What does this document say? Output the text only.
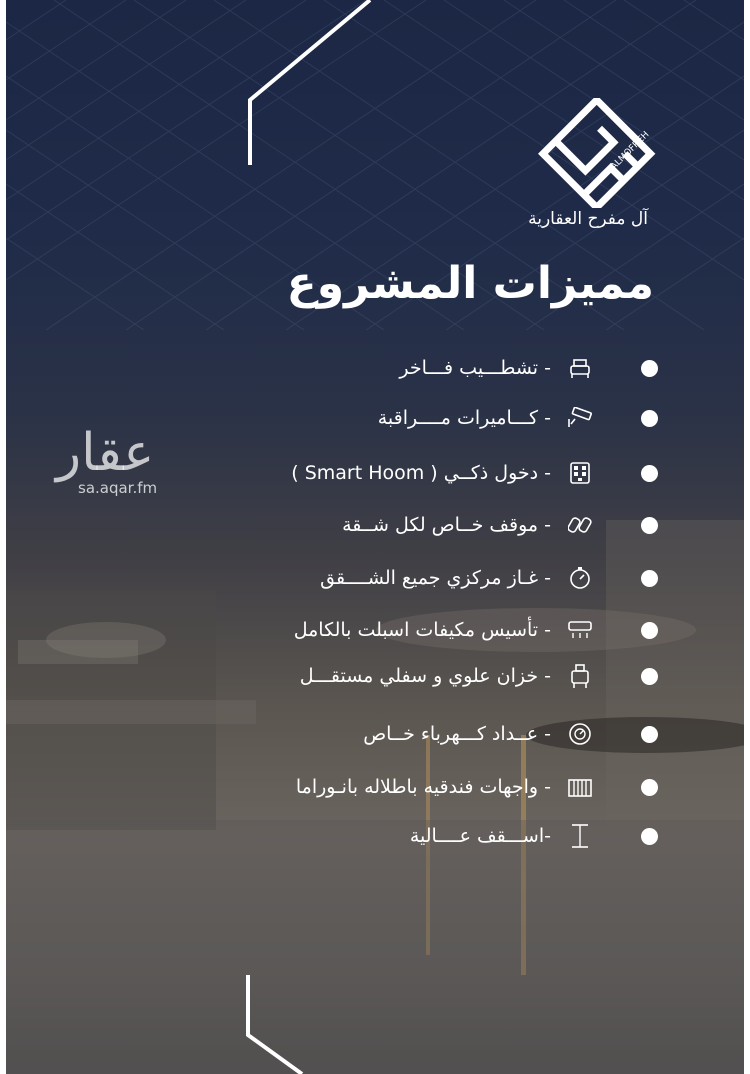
ALMOFREH
آل مفرح العقارية
مميزات المشروع
- تشطـــيب فـــاخر
- كـــاميرات مــــراقبة
- دخول ذكــي ( Smart Hoom )
- موقف خــاص لكل شــقة
- غـاز مركزي جميع الشــــقق
- تأسيس مكيفات اسبلت بالكامل
- خزان علوي و سفلي مستقـــل
- عــداد كـــهرباء خــاص
- واجهات فندقيه باطلاله بانـوراما
-اســـقف عــــالية
عقار
sa.aqar.fm
